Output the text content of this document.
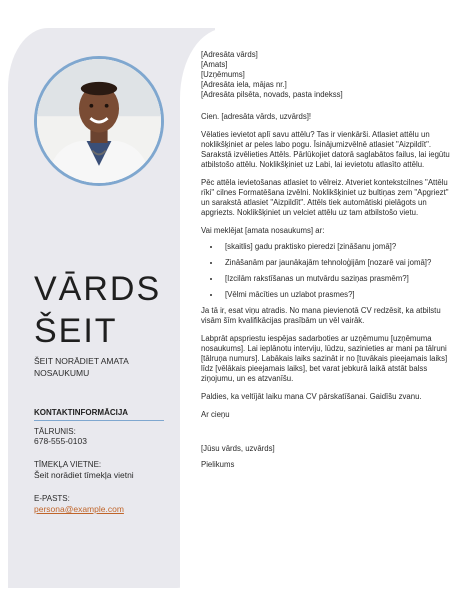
VĀRDS
ŠEIT
ŠEIT NORĀDIET AMATA NOSAUKUMU
KONTAKTINFORMĀCIJA
TĀLRUNIS:
678-555-0103
TĪMEKĻA VIETNE:
Šeit norādiet tīmekļa vietni
E-PASTS:
persona@example.com
[Adresāta vārds]
[Amats]
[Uzņēmums]
[Adresāta iela, mājas nr.]
[Adresāta pilsēta, novads, pasta indekss]

Cien. [adresāta vārds, uzvārds]!

Vēlaties ievietot aplī savu attēlu? Tas ir vienkārši. Atlasiet attēlu un noklikšķiniet ar peles labo pogu. Īsinājumizvēlnē atlasiet "Aizpildīt". Sarakstā izvēlieties Attēls. Pārlūkojiet datorā saglabātos failus, lai iegūtu atbilstošo attēlu. Noklikšķiniet uz Labi, lai ievietotu atlasīto attēlu.

Pēc attēla ievietošanas atlasiet to vēlreiz. Atveriet kontekstcilnes "Attēlu rīki" cilnes Formatēšana izvēlni. Noklikšķiniet uz bultiņas zem "Apgriezt" un sarakstā atlasiet "Aizpildīt". Attēls tiek automātiski pielāgots un apgriezts. Noklikšķiniet un velciet attēlu uz tam atbilstošo vietu.

Vai meklējat [amata nosaukums] ar:

• [skaitlis] gadu praktisko pieredzi [zināšanu jomā]?
• Zināšanām par jaunākajām tehnoloģijām [nozarē vai jomā]?
• [Izcilām rakstīšanas un mutvārdu saziņas prasmēm?]
• [Vēlmi mācīties un uzlabot prasmes?]

Ja tā ir, esat viņu atradis. No mana pievienotā CV redzēsit, ka atbilstu visām šīm kvalifikācijas prasībām un vēl vairāk.

Labprāt apspriestu iespējas sadarboties ar uzņēmumu [uzņēmuma nosaukums]. Lai ieplānotu interviju, lūdzu, sazinieties ar mani pa tālruni [tālruņa numurs]. Labākais laiks sazināt ir no [tuvākais pieejamais laiks] līdz [vēlākais pieejamais laiks], bet varat jebkurā laikā atstāt balss ziņojumu, un es atzvanīšu.

Paldies, ka veltījāt laiku mana CV pārskatīšanai. Gaidīšu zvanu.

Ar cieņu

[Jūsu vārds, uzvārds]

Pielikums
